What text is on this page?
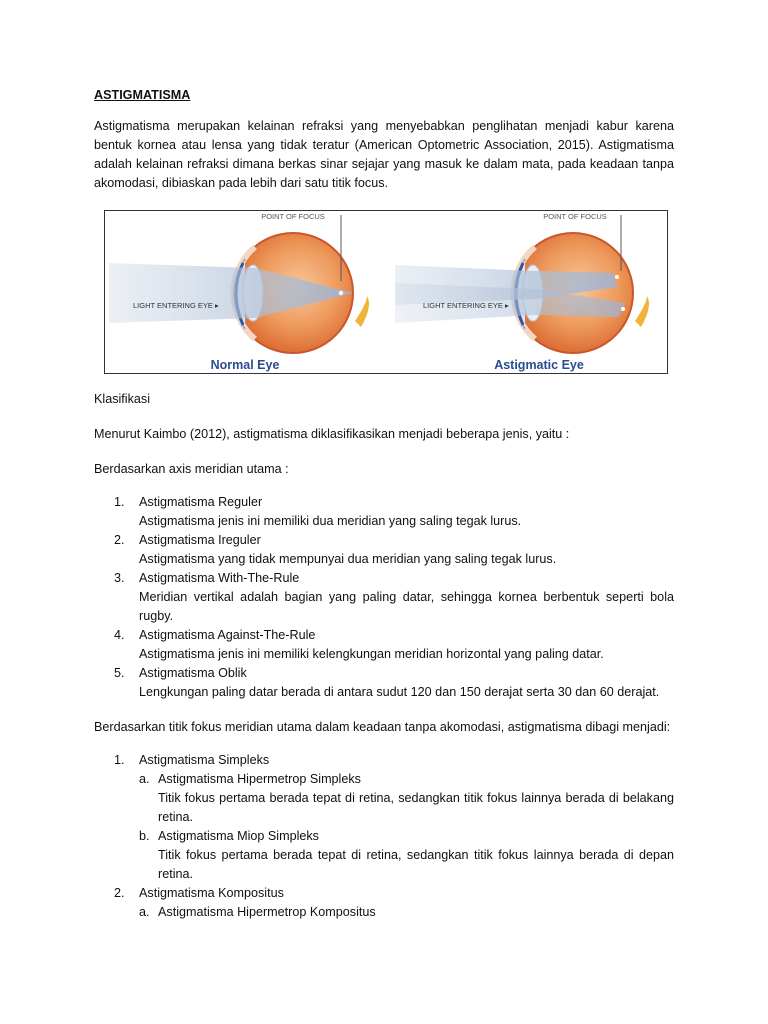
ASTIGMATISMA

Astigmatisma merupakan kelainan refraksi yang menyebabkan penglihatan menjadi kabur karena bentuk kornea atau lensa yang tidak teratur (American Optometric Association, 2015). Astigmatisma adalah kelainan refraksi dimana berkas sinar sejajar yang masuk ke dalam mata, pada keadaan tanpa akomodasi, dibiaskan pada lebih dari satu titik focus.

POINT OF FOCUS
LIGHT ENTERING EYE ▸
Normal Eye
POINT OF FOCUS
LIGHT ENTERING EYE ▸
Astigmatic Eye

Klasifikasi

Menurut Kaimbo (2012), astigmatisma diklasifikasikan menjadi beberapa jenis, yaitu :

Berdasarkan axis meridian utama :

1. Astigmatisma Reguler
Astigmatisma jenis ini memiliki dua meridian yang saling tegak lurus.
2. Astigmatisma Ireguler
Astigmatisma yang tidak mempunyai dua meridian yang saling tegak lurus.
3. Astigmatisma With-The-Rule
Meridian vertikal adalah bagian yang paling datar, sehingga kornea berbentuk seperti bola rugby.
4. Astigmatisma Against-The-Rule
Astigmatisma jenis ini memiliki kelengkungan meridian horizontal yang paling datar.
5. Astigmatisma Oblik
Lengkungan paling datar berada di antara sudut 120 dan 150 derajat serta 30 dan 60 derajat.

Berdasarkan titik fokus meridian utama dalam keadaan tanpa akomodasi, astigmatisma dibagi menjadi:

1. Astigmatisma Simpleks
a. Astigmatisma Hipermetrop Simpleks
Titik fokus pertama berada tepat di retina, sedangkan titik fokus lainnya berada di belakang retina.
b. Astigmatisma Miop Simpleks
Titik fokus pertama berada tepat di retina, sedangkan titik fokus lainnya berada di depan retina.
2. Astigmatisma Kompositus
a. Astigmatisma Hipermetrop Kompositus
